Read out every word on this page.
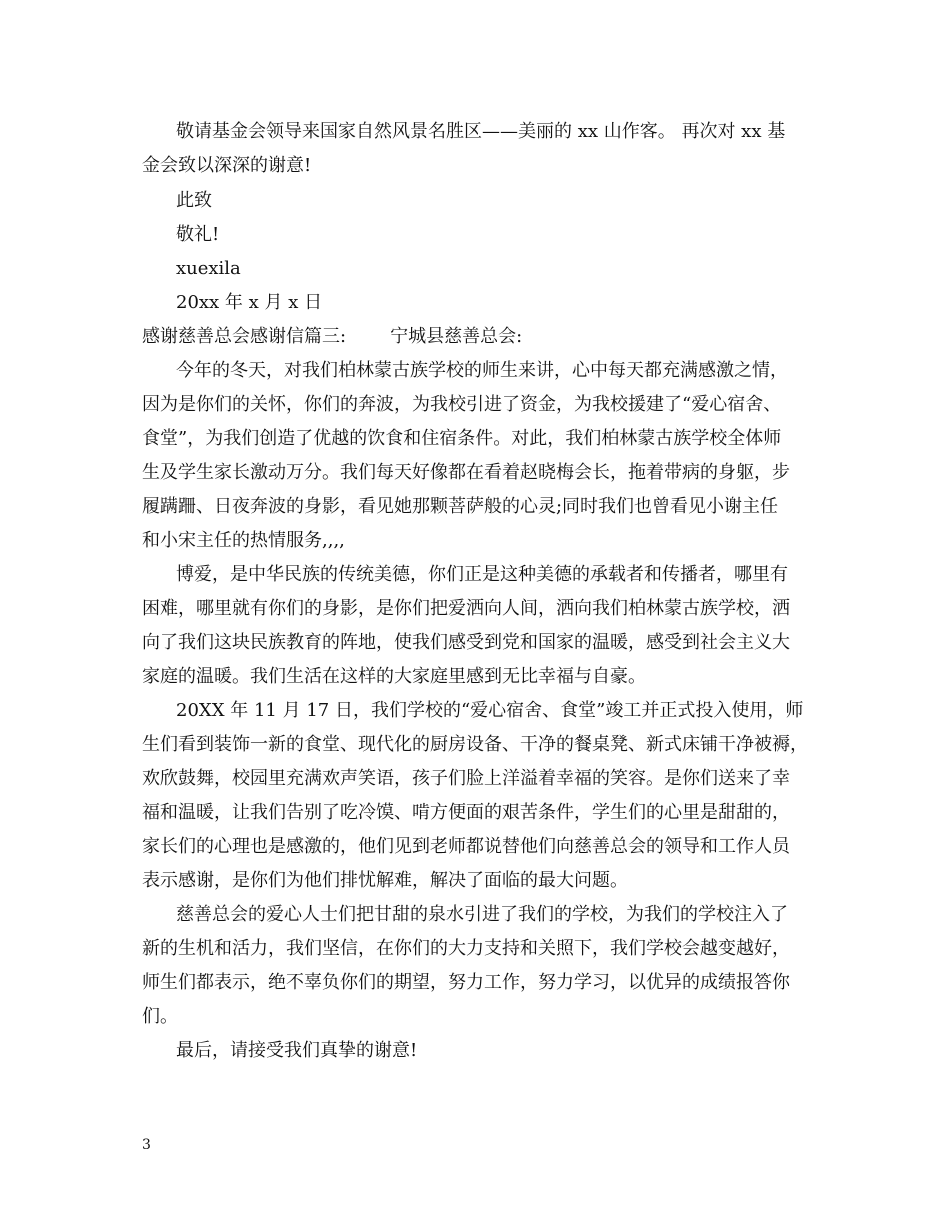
敬请基金会领导来国家自然风景名胜区——美丽的 xx 山作客。 再次对 xx 基
金会致以深深的谢意!
此致
敬礼!
xuexila
20xx 年 x 月 x 日
感谢慈善总会感谢信篇三: 宁城县慈善总会:
今年的冬天，对我们柏林蒙古族学校的师生来讲，心中每天都充满感激之情，
因为是你们的关怀，你们的奔波，为我校引进了资金，为我校援建了“爱心宿舍、
食堂”，为我们创造了优越的饮食和住宿条件。对此，我们柏林蒙古族学校全体师
生及学生家长激动万分。我们每天好像都在看着赵晓梅会长，拖着带病的身躯，步
履蹒跚、日夜奔波的身影，看见她那颗菩萨般的心灵;同时我们也曾看见小谢主任
和小宋主任的热情服务,,,,
博爱，是中华民族的传统美德，你们正是这种美德的承载者和传播者，哪里有
困难，哪里就有你们的身影，是你们把爱洒向人间，洒向我们柏林蒙古族学校，洒
向了我们这块民族教育的阵地，使我们感受到党和国家的温暖，感受到社会主义大
家庭的温暖。我们生活在这样的大家庭里感到无比幸福与自豪。
20XX 年 11 月 17 日，我们学校的“爱心宿舍、食堂”竣工并正式投入使用，师
生们看到装饰一新的食堂、现代化的厨房设备、干净的餐桌凳、新式床铺干净被褥，
欢欣鼓舞，校园里充满欢声笑语，孩子们脸上洋溢着幸福的笑容。是你们送来了幸
福和温暖，让我们告别了吃冷馍、啃方便面的艰苦条件，学生们的心里是甜甜的，
家长们的心理也是感激的，他们见到老师都说替他们向慈善总会的领导和工作人员
表示感谢，是你们为他们排忧解难，解决了面临的最大问题。
慈善总会的爱心人士们把甘甜的泉水引进了我们的学校，为我们的学校注入了
新的生机和活力，我们坚信，在你们的大力支持和关照下，我们学校会越变越好，
师生们都表示，绝不辜负你们的期望，努力工作，努力学习，以优异的成绩报答你
们。
最后，请接受我们真挚的谢意!
3
